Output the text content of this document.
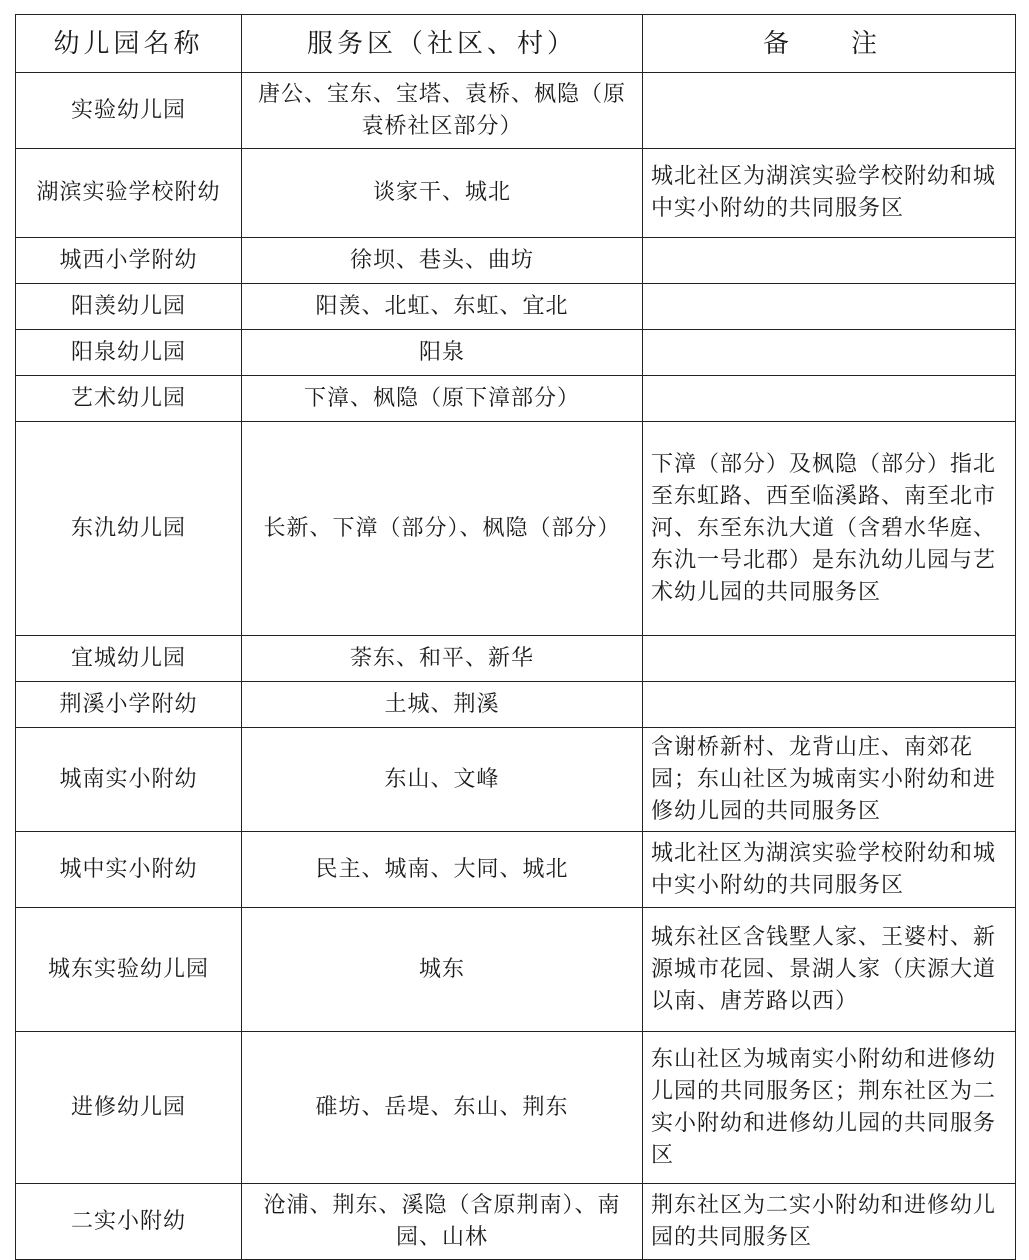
幼儿园名称	服务区（社区、村）	备　注
实验幼儿园	唐公、宝东、宝塔、袁桥、枫隐（原袁桥社区部分）	
湖滨实验学校附幼	谈家干、城北	城北社区为湖滨实验学校附幼和城中实小附幼的共同服务区
城西小学附幼	徐坝、巷头、曲坊	
阳羡幼儿园	阳羡、北虹、东虹、宜北	
阳泉幼儿园	阳泉	
艺术幼儿园	下漳、枫隐（原下漳部分）	
东氿幼儿园	长新、下漳（部分）、枫隐（部分）	下漳（部分）及枫隐（部分）指北至东虹路、西至临溪路、南至北市河、东至东氿大道（含碧水华庭、东氿一号北郡）是东氿幼儿园与艺术幼儿园的共同服务区
宜城幼儿园	荼东、和平、新华	
荆溪小学附幼	土城、荆溪	
城南实小附幼	东山、文峰	含谢桥新村、龙背山庄、南郊花园；东山社区为城南实小附幼和进修幼儿园的共同服务区
城中实小附幼	民主、城南、大同、城北	城北社区为湖滨实验学校附幼和城中实小附幼的共同服务区
城东实验幼儿园	城东	城东社区含钱墅人家、王婆村、新源城市花园、景湖人家（庆源大道以南、唐芳路以西）
进修幼儿园	碓坊、岳堤、东山、荆东	东山社区为城南实小附幼和进修幼儿园的共同服务区；荆东社区为二实小附幼和进修幼儿园的共同服务区
二实小附幼	沧浦、荆东、溪隐（含原荆南）、南园、山林	荆东社区为二实小附幼和进修幼儿园的共同服务区
